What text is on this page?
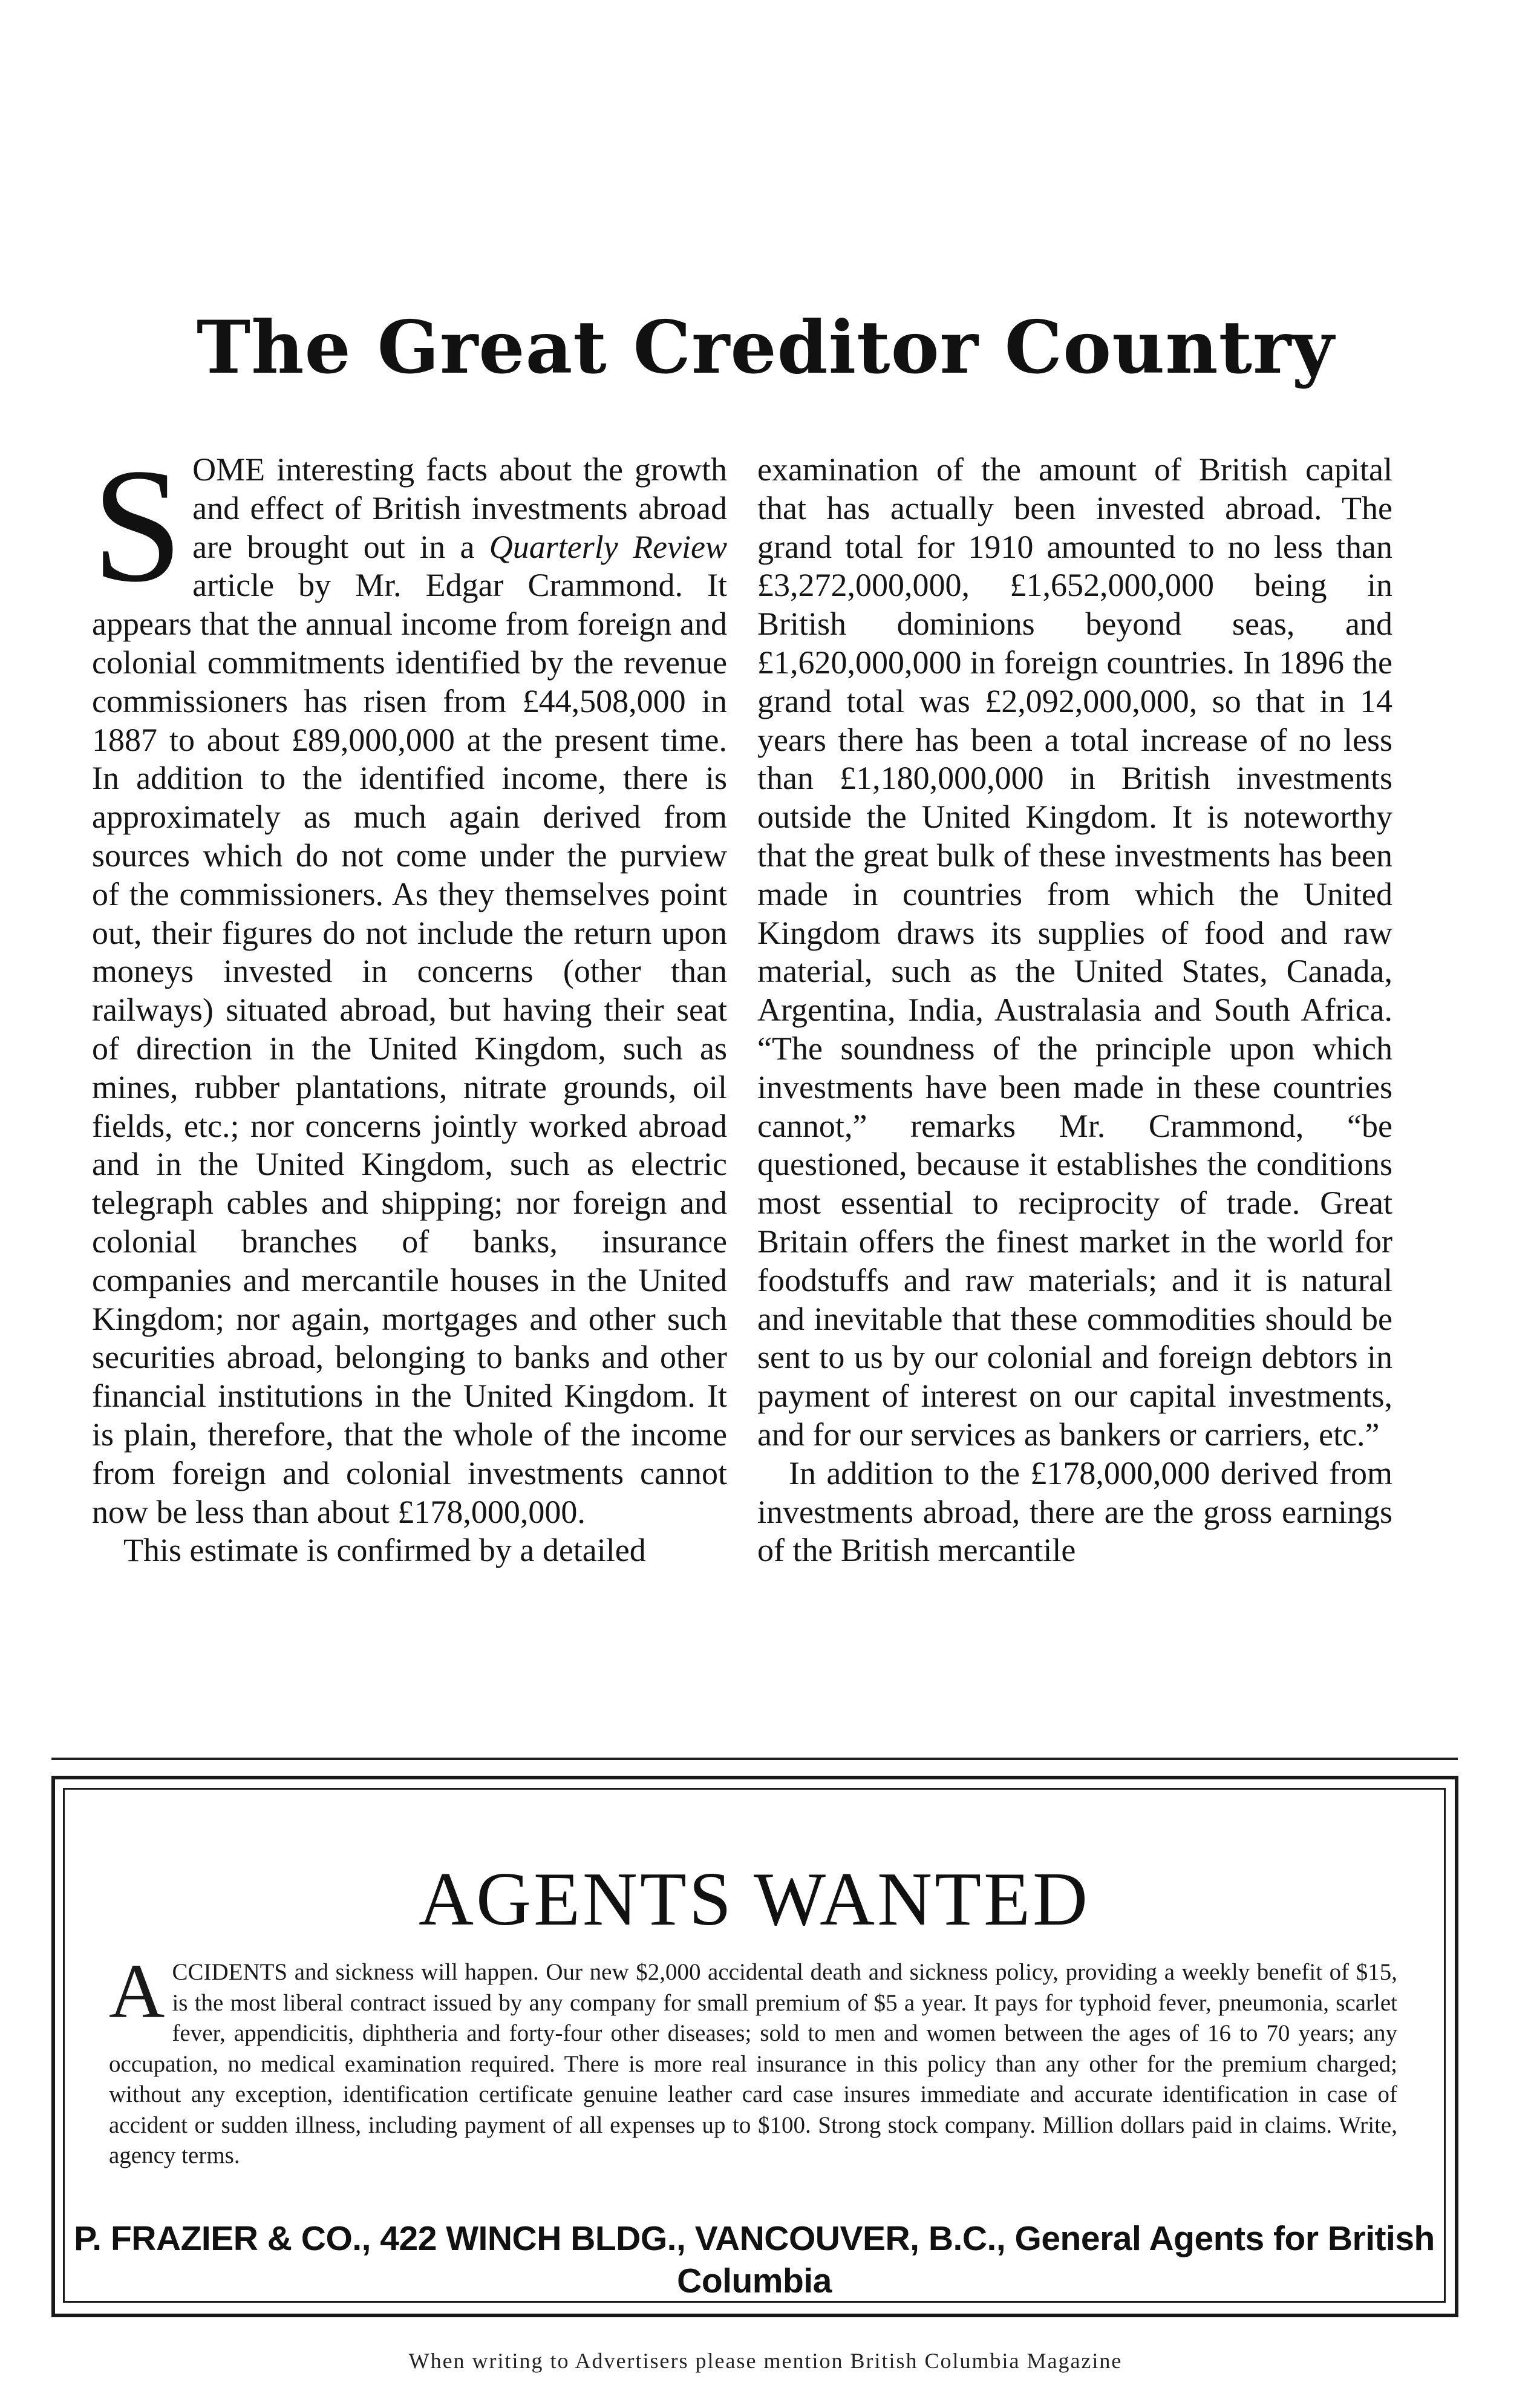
The Great Creditor Country

SOME interesting facts about the growth and effect of British investments abroad are brought out in a Quarterly Review article by Mr. Edgar Crammond. It appears that the annual income from foreign and colonial commitments identified by the revenue commissioners has risen from £44,508,000 in 1887 to about £89,000,000 at the present time. In addition to the identified income, there is approximately as much again derived from sources which do not come under the purview of the commissioners. As they themselves point out, their figures do not include the return upon moneys invested in concerns (other than railways) situated abroad, but having their seat of direction in the United Kingdom, such as mines, rubber plantations, nitrate grounds, oil fields, etc.; nor concerns jointly worked abroad and in the United Kingdom, such as electric telegraph cables and shipping; nor foreign and colonial branches of banks, insurance companies and mercantile houses in the United Kingdom; nor again, mortgages and other such securities abroad, belonging to banks and other financial institutions in the United Kingdom. It is plain, therefore, that the whole of the income from foreign and colonial investments cannot now be less than about £178,000,000.

This estimate is confirmed by a detailed

examination of the amount of British capital that has actually been invested abroad. The grand total for 1910 amounted to no less than £3,272,000,000, £1,652,000,000 being in British dominions beyond seas, and £1,620,000,000 in foreign countries. In 1896 the grand total was £2,092,000,000, so that in 14 years there has been a total increase of no less than £1,180,000,000 in British investments outside the United Kingdom. It is noteworthy that the great bulk of these investments has been made in countries from which the United Kingdom draws its supplies of food and raw material, such as the United States, Canada, Argentina, India, Australasia and South Africa. “The soundness of the principle upon which investments have been made in these countries cannot,” remarks Mr. Crammond, “be questioned, because it establishes the conditions most essential to reciprocity of trade. Great Britain offers the finest market in the world for foodstuffs and raw materials; and it is natural and inevitable that these commodities should be sent to us by our colonial and foreign debtors in payment of interest on our capital investments, and for our services as bankers or carriers, etc.”

In addition to the £178,000,000 derived from investments abroad, there are the gross earnings of the British mercantile

AGENTS WANTED

ACCIDENTS and sickness will happen. Our new $2,000 accidental death and sickness policy, providing a weekly benefit of $15, is the most liberal contract issued by any company for small premium of $5 a year. It pays for typhoid fever, pneumonia, scarlet fever, appendicitis, diphtheria and forty-four other diseases; sold to men and women between the ages of 16 to 70 years; any occupation, no medical examination required. There is more real insurance in this policy than any other for the premium charged; without any exception, identification certificate genuine leather card case insures immediate and accurate identification in case of accident or sudden illness, including payment of all expenses up to $100. Strong stock company. Million dollars paid in claims. Write, agency terms.

P. FRAZIER & CO., 422 WINCH BLDG., VANCOUVER, B.C., General Agents for British Columbia
When writing to Advertisers please mention British Columbia Magazine
